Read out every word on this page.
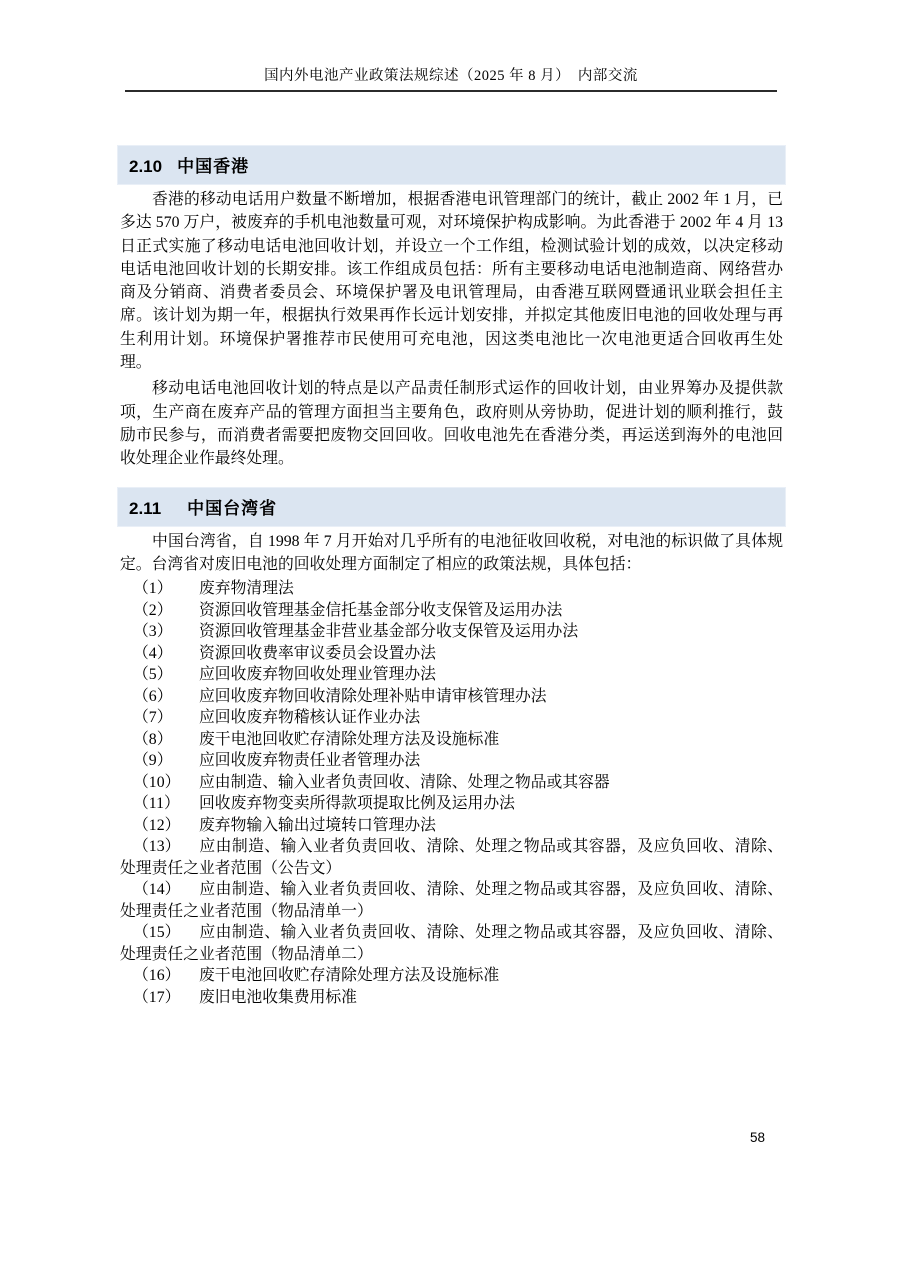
国内外电池产业政策法规综述（2025 年 8 月）　内部交流
2.10 中国香港

香港的移动电话用户数量不断增加，根据香港电讯管理部门的统计，截止 2002 年 1 月，已多达 570 万户，被废弃的手机电池数量可观，对环境保护构成影响。为此香港于 2002 年 4 月 13 日正式实施了移动电话电池回收计划，并设立一个工作组，检测试验计划的成效，以决定移动电话电池回收计划的长期安排。该工作组成员包括：所有主要移动电话电池制造商、网络营办商及分销商、消费者委员会、环境保护署及电讯管理局，由香港互联网暨通讯业联会担任主席。该计划为期一年，根据执行效果再作长远计划安排，并拟定其他废旧电池的回收处理与再生利用计划。环境保护署推荐市民使用可充电池，因这类电池比一次电池更适合回收再生处理。

移动电话电池回收计划的特点是以产品责任制形式运作的回收计划，由业界筹办及提供款项，生产商在废弃产品的管理方面担当主要角色，政府则从旁协助，促进计划的顺利推行，鼓励市民参与，而消费者需要把废物交回回收。回收电池先在香港分类，再运送到海外的电池回收处理企业作最终处理。

2.11 中国台湾省

中国台湾省，自 1998 年 7 月开始对几乎所有的电池征收回收税，对电池的标识做了具体规定。台湾省对废旧电池的回收处理方面制定了相应的政策法规，具体包括：

（1） 废弃物清理法
（2） 资源回收管理基金信托基金部分收支保管及运用办法
（3） 资源回收管理基金非营业基金部分收支保管及运用办法
（4） 资源回收费率审议委员会设置办法
（5） 应回收废弃物回收处理业管理办法
（6） 应回收废弃物回收清除处理补贴申请审核管理办法
（7） 应回收废弃物稽核认证作业办法
（8） 废干电池回收贮存清除处理方法及设施标准
（9） 应回收废弃物责任业者管理办法
（10） 应由制造、输入业者负责回收、清除、处理之物品或其容器
（11） 回收废弃物变卖所得款项提取比例及运用办法
（12） 废弃物输入输出过境转口管理办法
（13） 应由制造、输入业者负责回收、清除、处理之物品或其容器，及应负回收、清除、处理责任之业者范围（公告文）
（14） 应由制造、输入业者负责回收、清除、处理之物品或其容器，及应负回收、清除、处理责任之业者范围（物品清单一）
（15） 应由制造、输入业者负责回收、清除、处理之物品或其容器，及应负回收、清除、处理责任之业者范围（物品清单二）
（16） 废干电池回收贮存清除处理方法及设施标准
（17） 废旧电池收集费用标准
58
